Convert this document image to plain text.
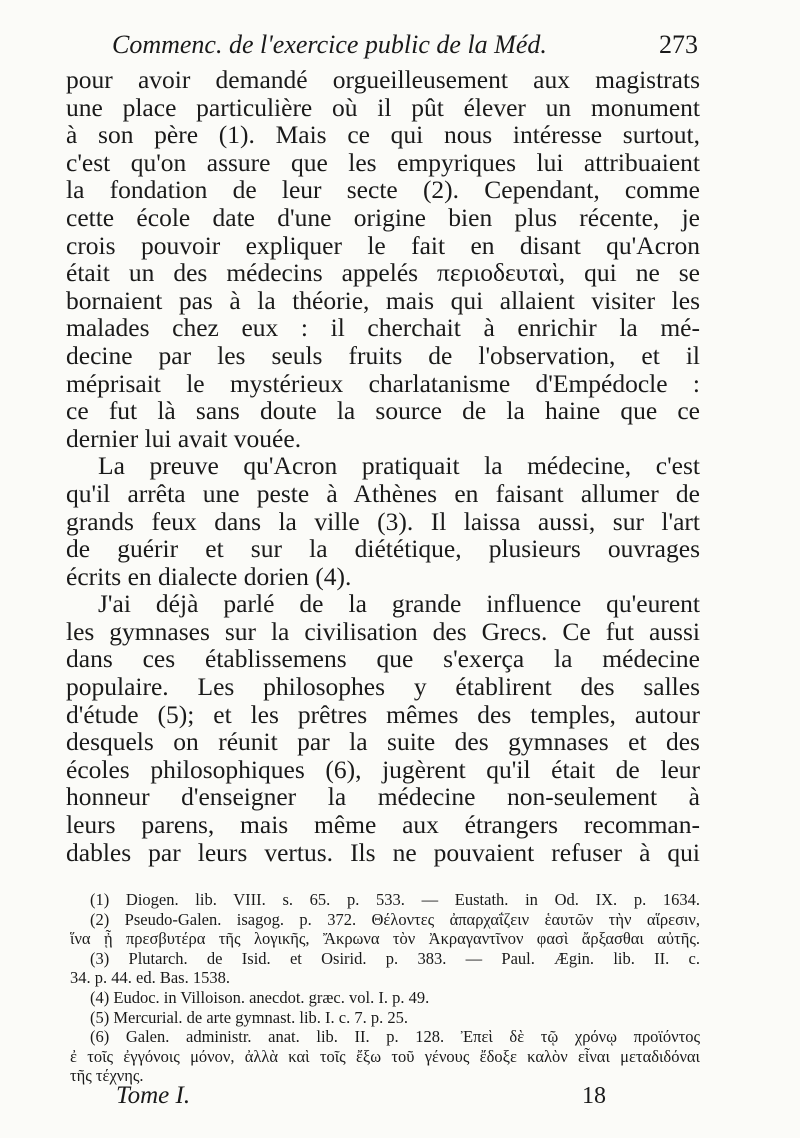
Commenc. de l'exercice public de la Méd.	273
pour avoir demandé orgueilleusement aux magistrats
une place particulière où il pût élever un monument
à son père (1). Mais ce qui nous intéresse surtout,
c'est qu'on assure que les empyriques lui attribuaient
la fondation de leur secte (2). Cependant, comme
cette école date d'une origine bien plus récente, je
crois pouvoir expliquer le fait en disant qu'Acron
était un des médecins appelés περιοδευταὶ, qui ne se
bornaient pas à la théorie, mais qui allaient visiter les
malades chez eux : il cherchait à enrichir la mé-
decine par les seuls fruits de l'observation, et il
méprisait le mystérieux charlatanisme d'Empédocle :
ce fut là sans doute la source de la haine que ce
dernier lui avait vouée.
La preuve qu'Acron pratiquait la médecine, c'est
qu'il arrêta une peste à Athènes en faisant allumer de
grands feux dans la ville (3). Il laissa aussi, sur l'art
de guérir et sur la diététique, plusieurs ouvrages
écrits en dialecte dorien (4).
J'ai déjà parlé de la grande influence qu'eurent
les gymnases sur la civilisation des Grecs. Ce fut aussi
dans ces établissemens que s'exerça la médecine
populaire. Les philosophes y établirent des salles
d'étude (5); et les prêtres mêmes des temples, autour
desquels on réunit par la suite des gymnases et des
écoles philosophiques (6), jugèrent qu'il était de leur
honneur d'enseigner la médecine non-seulement à
leurs parens, mais même aux étrangers recomman-
dables par leurs vertus. Ils ne pouvaient refuser à qui
(1) Diogen. lib. VIII. s. 65. p. 533. — Eustath. in Od. IX. p. 1634.
(2) Pseudo-Galen. isagog. p. 372. Θέλοντες ἀπαρχαΐζειν ἑαυτῶν τὴν αἵρεσιν,
ἵνα ᾖ πρεσβυτέρα τῆς λογικῆς, Ἄκρωνα τὸν Ἀκραγαντῖνον φασὶ ἄρξασθαι αὐτῆς.
(3) Plutarch. de Isid. et Osirid. p. 383. — Paul. Ægin. lib. II. c.
34. p. 44. ed. Bas. 1538.
(4) Eudoc. in Villoison. anecdot. græc. vol. I. p. 49.
(5) Mercurial. de arte gymnast. lib. I. c. 7. p. 25.
(6) Galen. administr. anat. lib. II. p. 128. Ἐπεὶ δὲ τῷ χρόνῳ προϊόντος
ἐ τοῖς ἐγγόνοις μόνον, ἀλλὰ καὶ τοῖς ἔξω τοῦ γένους ἔδοξε καλὸν εἶναι μεταδιδόναι
τῆς τέχνης.
Tome I.	18
